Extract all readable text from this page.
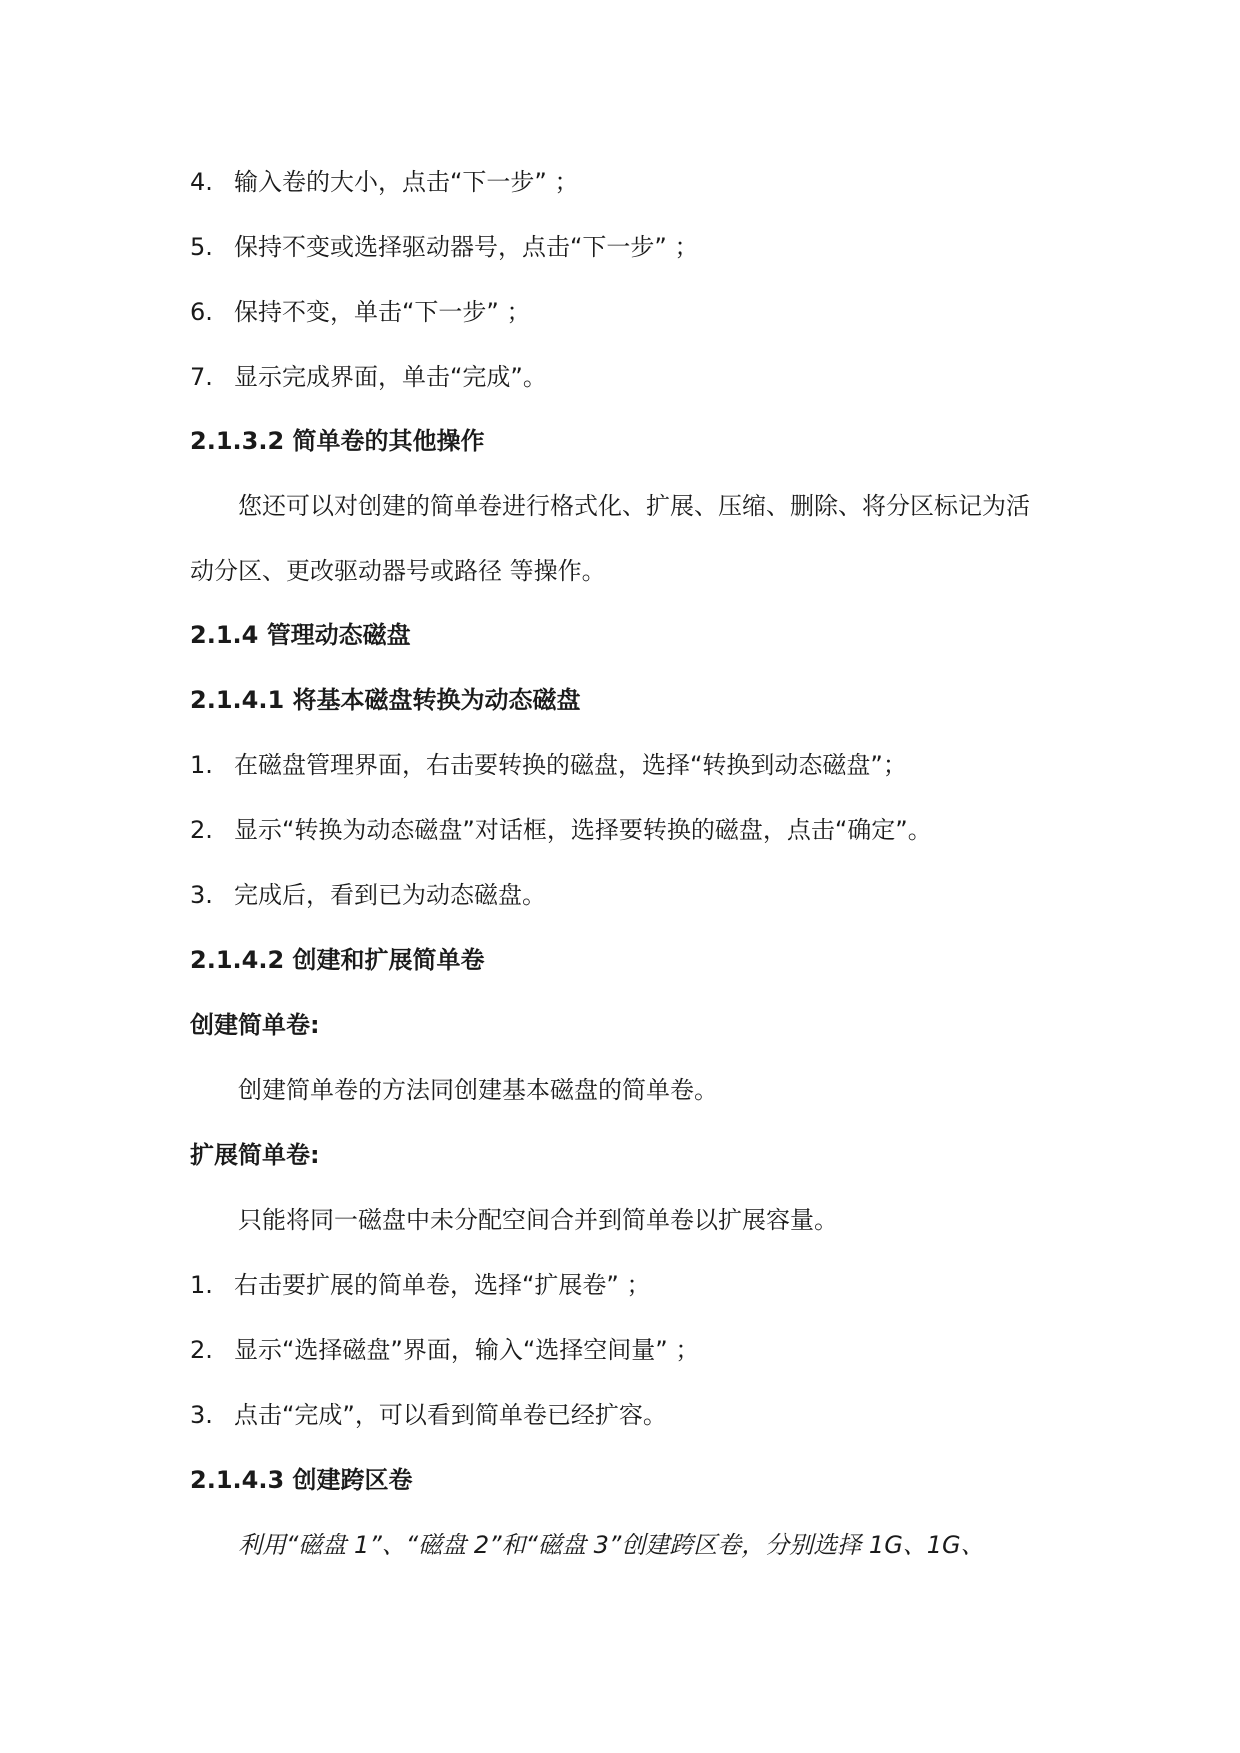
4. 输入卷的大小，点击“下一步” ；
5. 保持不变或选择驱动器号，点击“下一步” ；
6. 保持不变，单击“下一步” ；
7. 显示完成界面，单击“完成”。
2.1.3.2 简单卷的其他操作
您还可以对创建的简单卷进行格式化、扩展、压缩、删除、将分区标记为活
动分区、更改驱动器号或路径 等操作。
2.1.4 管理动态磁盘
2.1.4.1 将基本磁盘转换为动态磁盘
1. 在磁盘管理界面，右击要转换的磁盘，选择“转换到动态磁盘”；
2. 显示“转换为动态磁盘”对话框，选择要转换的磁盘，点击“确定”。
3. 完成后，看到已为动态磁盘。
2.1.4.2 创建和扩展简单卷
创建简单卷:
创建简单卷的方法同创建基本磁盘的简单卷。
扩展简单卷:
只能将同一磁盘中未分配空间合并到简单卷以扩展容量。
1. 右击要扩展的简单卷，选择“扩展卷” ；
2. 显示“选择磁盘”界面，输入“选择空间量” ；
3. 点击“完成”，可以看到简单卷已经扩容。
2.1.4.3 创建跨区卷
利用“磁盘 1”、“磁盘 2”和“磁盘 3”创建跨区卷，分别选择 1G、1G、
